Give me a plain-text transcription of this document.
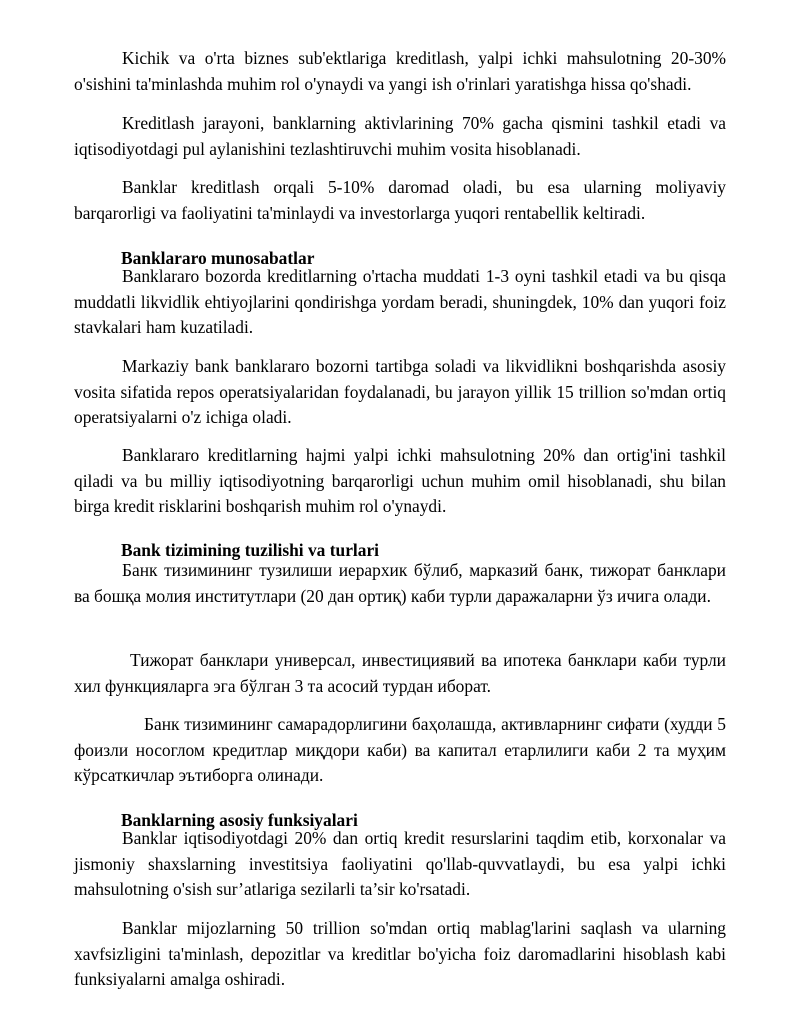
Kichik va o'rta biznes sub'ektlariga kreditlash, yalpi ichki mahsulotning 20-30% o'sishini ta'minlashda muhim rol o'ynaydi va yangi ish o'rinlari yaratishga hissa qo'shadi.

Kreditlash jarayoni, banklarning aktivlarining 70% gacha qismini tashkil etadi va iqtisodiyotdagi pul aylanishini tezlashtiruvchi muhim vosita hisoblanadi.

Banklar kreditlash orqali 5-10% daromad oladi, bu esa ularning moliyaviy barqarorligi va faoliyatini ta'minlaydi va investorlarga yuqori rentabellik keltiradi.

Banklararo munosabatlar

Banklararo bozorda kreditlarning o'rtacha muddati 1-3 oyni tashkil etadi va bu qisqa muddatli likvidlik ehtiyojlarini qondirishga yordam beradi, shuningdek, 10% dan yuqori foiz stavkalari ham kuzatiladi.

Markaziy bank banklararo bozorni tartibga soladi va likvidlikni boshqarishda asosiy vosita sifatida repos operatsiyalaridan foydalanadi, bu jarayon yillik 15 trillion so'mdan ortiq operatsiyalarni o'z ichiga oladi.

Banklararo kreditlarning hajmi yalpi ichki mahsulotning 20% dan ortig'ini tashkil qiladi va bu milliy iqtisodiyotning barqarorligi uchun muhim omil hisoblanadi, shu bilan birga kredit risklarini boshqarish muhim rol o'ynaydi.

Bank tizimining tuzilishi va turlari

Банк тизимининг тузилиши иерархик бўлиб, марказий банк, тижорат банклари ва бошқа молия институтлари (20 дан ортиқ) каби турли даражаларни ўз ичига олади.

Тижорат банклари универсал, инвестициявий ва ипотека банклари каби турли хил функцияларга эга бўлган 3 та асосий турдан иборат.

Банк тизимининг самарадорлигини баҳолашда, активларнинг сифати (худди 5 фоизли носоглом кредитлар миқдори каби) ва капитал етарлилиги каби 2 та муҳим кўрсаткичлар эътиборга олинади.

Banklarning asosiy funksiyalari

Banklar iqtisodiyotdagi 20% dan ortiq kredit resurslarini taqdim etib, korxonalar va jismoniy shaxslarning investitsiya faoliyatini qo'llab-quvvatlaydi, bu esa yalpi ichki mahsulotning o'sish sur’atlariga sezilarli ta’sir ko'rsatadi.

Banklar mijozlarning 50 trillion so'mdan ortiq mablag'larini saqlash va ularning xavfsizligini ta'minlash, depozitlar va kreditlar bo'yicha foiz daromadlarini hisoblash kabi funksiyalarni amalga oshiradi.
